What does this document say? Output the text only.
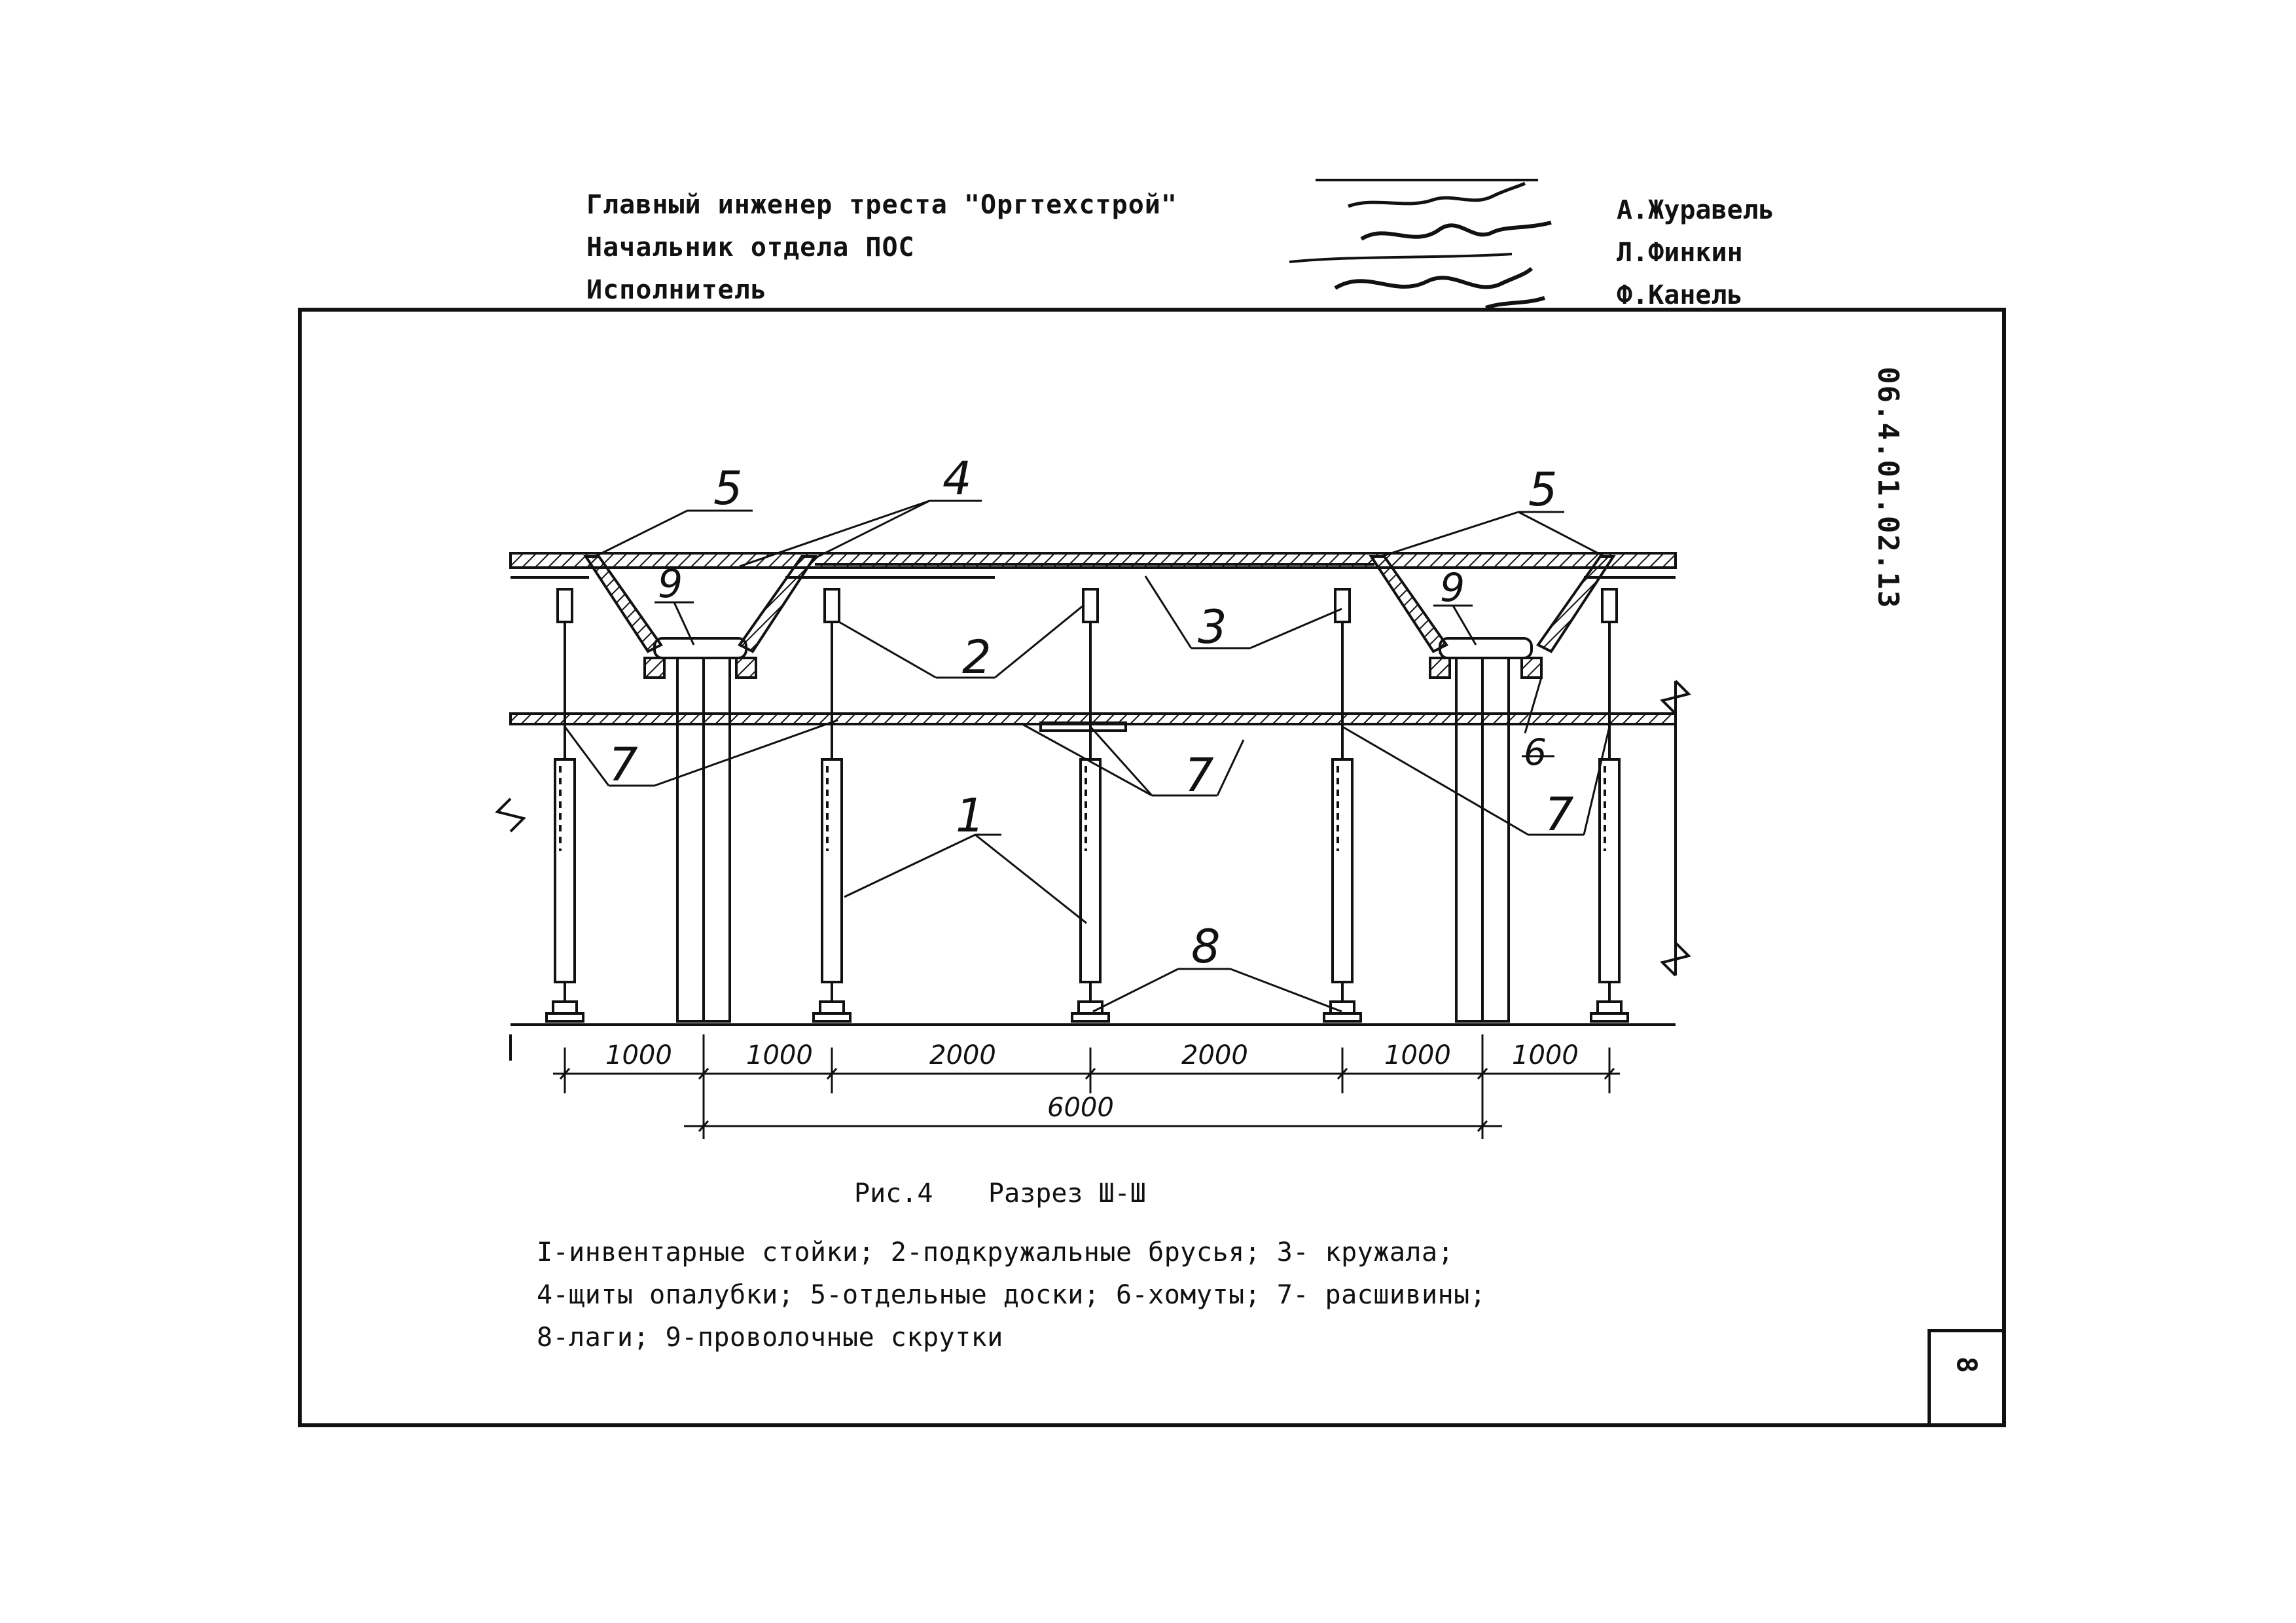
Главный инженер треста "Оргтехстрой"
Начальник отдела ПОС
Исполнитель
А.Журавель
Л.Финкин
Ф.Канель
06.4.01.02.13
8
5	4	5
9	9
2
3
7	7
7
1
8
6
1000	1000	2000	2000	1000 1000
6000
Рис.4 Разрез Ш-Ш
I-инвентарные стойки; 2-подкружальные брусья; 3- кружала;
4-щиты опалубки; 5-отдельные доски; 6-хомуты; 7- расшивины;
8-лаги; 9-проволочные скрутки
